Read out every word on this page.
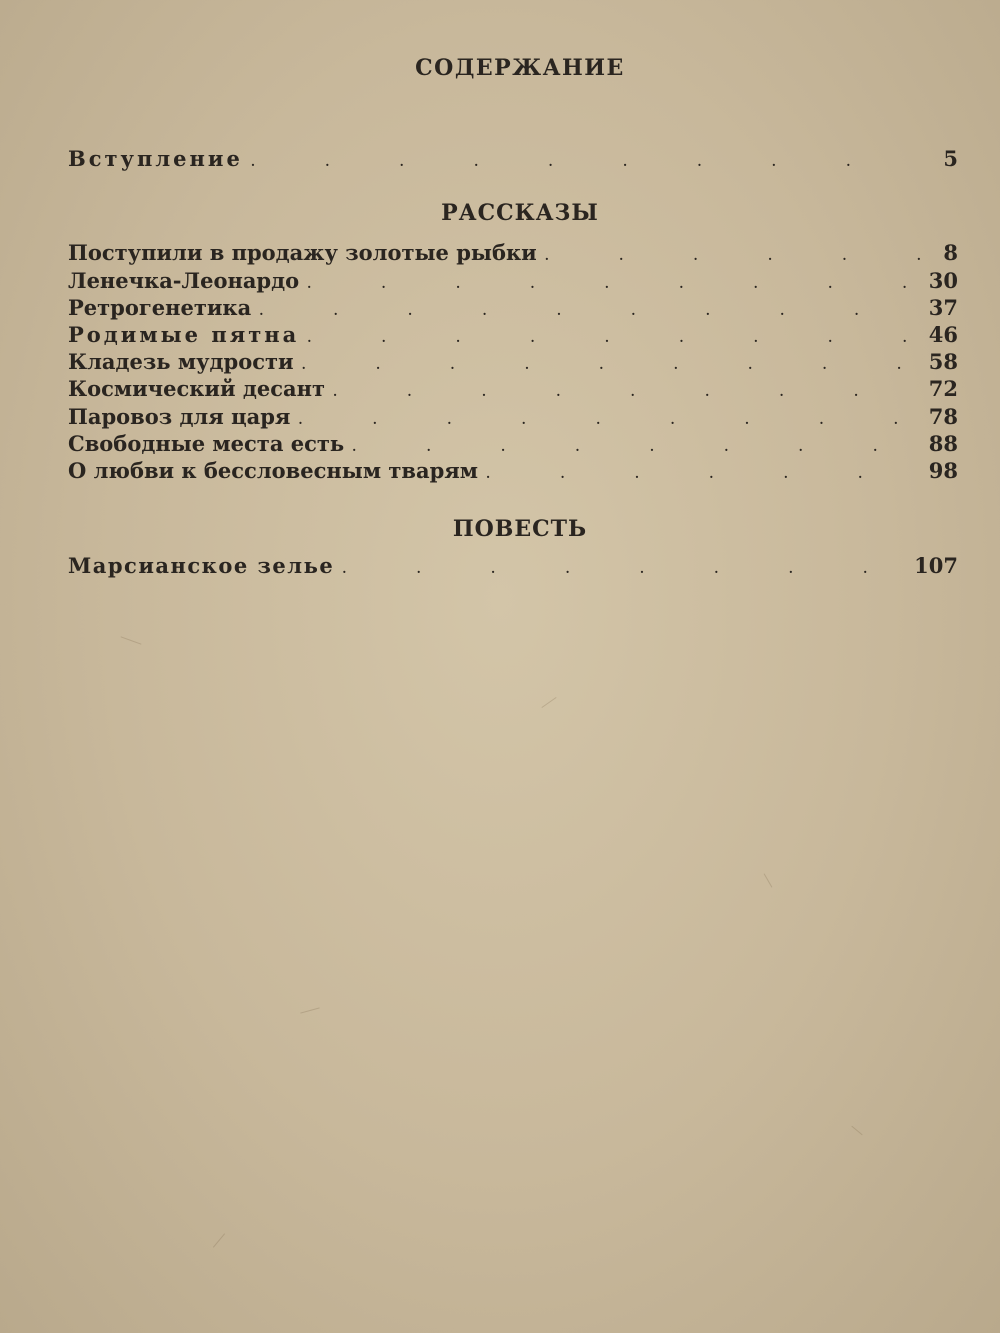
СОДЕРЖАНИЕ
Вступление .	5
РАССКАЗЫ
Поступили в продажу золотые рыбки .	8
Ленечка-Леонардо .	30
Ретрогенетика .	37
Родимые пятна .	46
Кладезь мудрости .	58
Космический десант .	72
Паровоз для царя .	78
Свободные места есть .	88
О любви к бессловесным тварям .	98
ПОВЕСТЬ
Марсианское зелье .	107
